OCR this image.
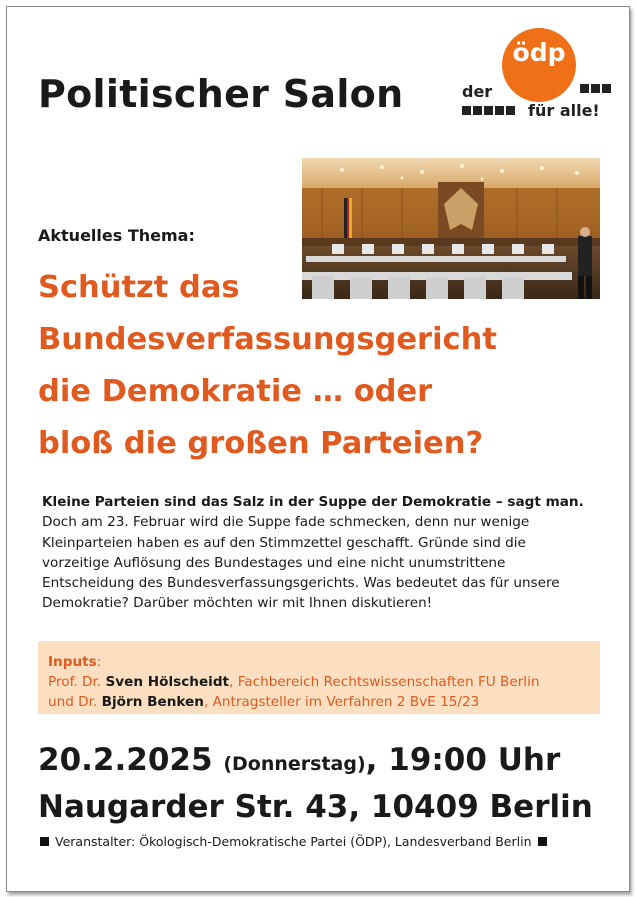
Politischer Salon
ödp
der
für alle!
Aktuelles Thema:
Schützt das
Bundesverfassungsgericht
die Demokratie … oder
bloß die großen Parteien?
Kleine Parteien sind das Salz in der Suppe der Demokratie – sagt man. Doch am 23. Februar wird die Suppe fade schmecken, denn nur wenige Kleinparteien haben es auf den Stimmzettel geschafft. Gründe sind die vorzeitige Auflösung des Bundestages und eine nicht unumstrittene Entscheidung des Bundesverfassungsgerichts. Was bedeutet das für unsere Demokratie? Darüber möchten wir mit Ihnen diskutieren!
Inputs:
Prof. Dr. Sven Hölscheidt, Fachbereich Rechtswissenschaften FU Berlin
und Dr. Björn Benken, Antragsteller im Verfahren 2 BvE 15/23
20.2.2025 (Donnerstag), 19:00 Uhr
Naugarder Str. 43, 10409 Berlin
Veranstalter: Ökologisch-Demokratische Partei (ÖDP), Landesverband Berlin
